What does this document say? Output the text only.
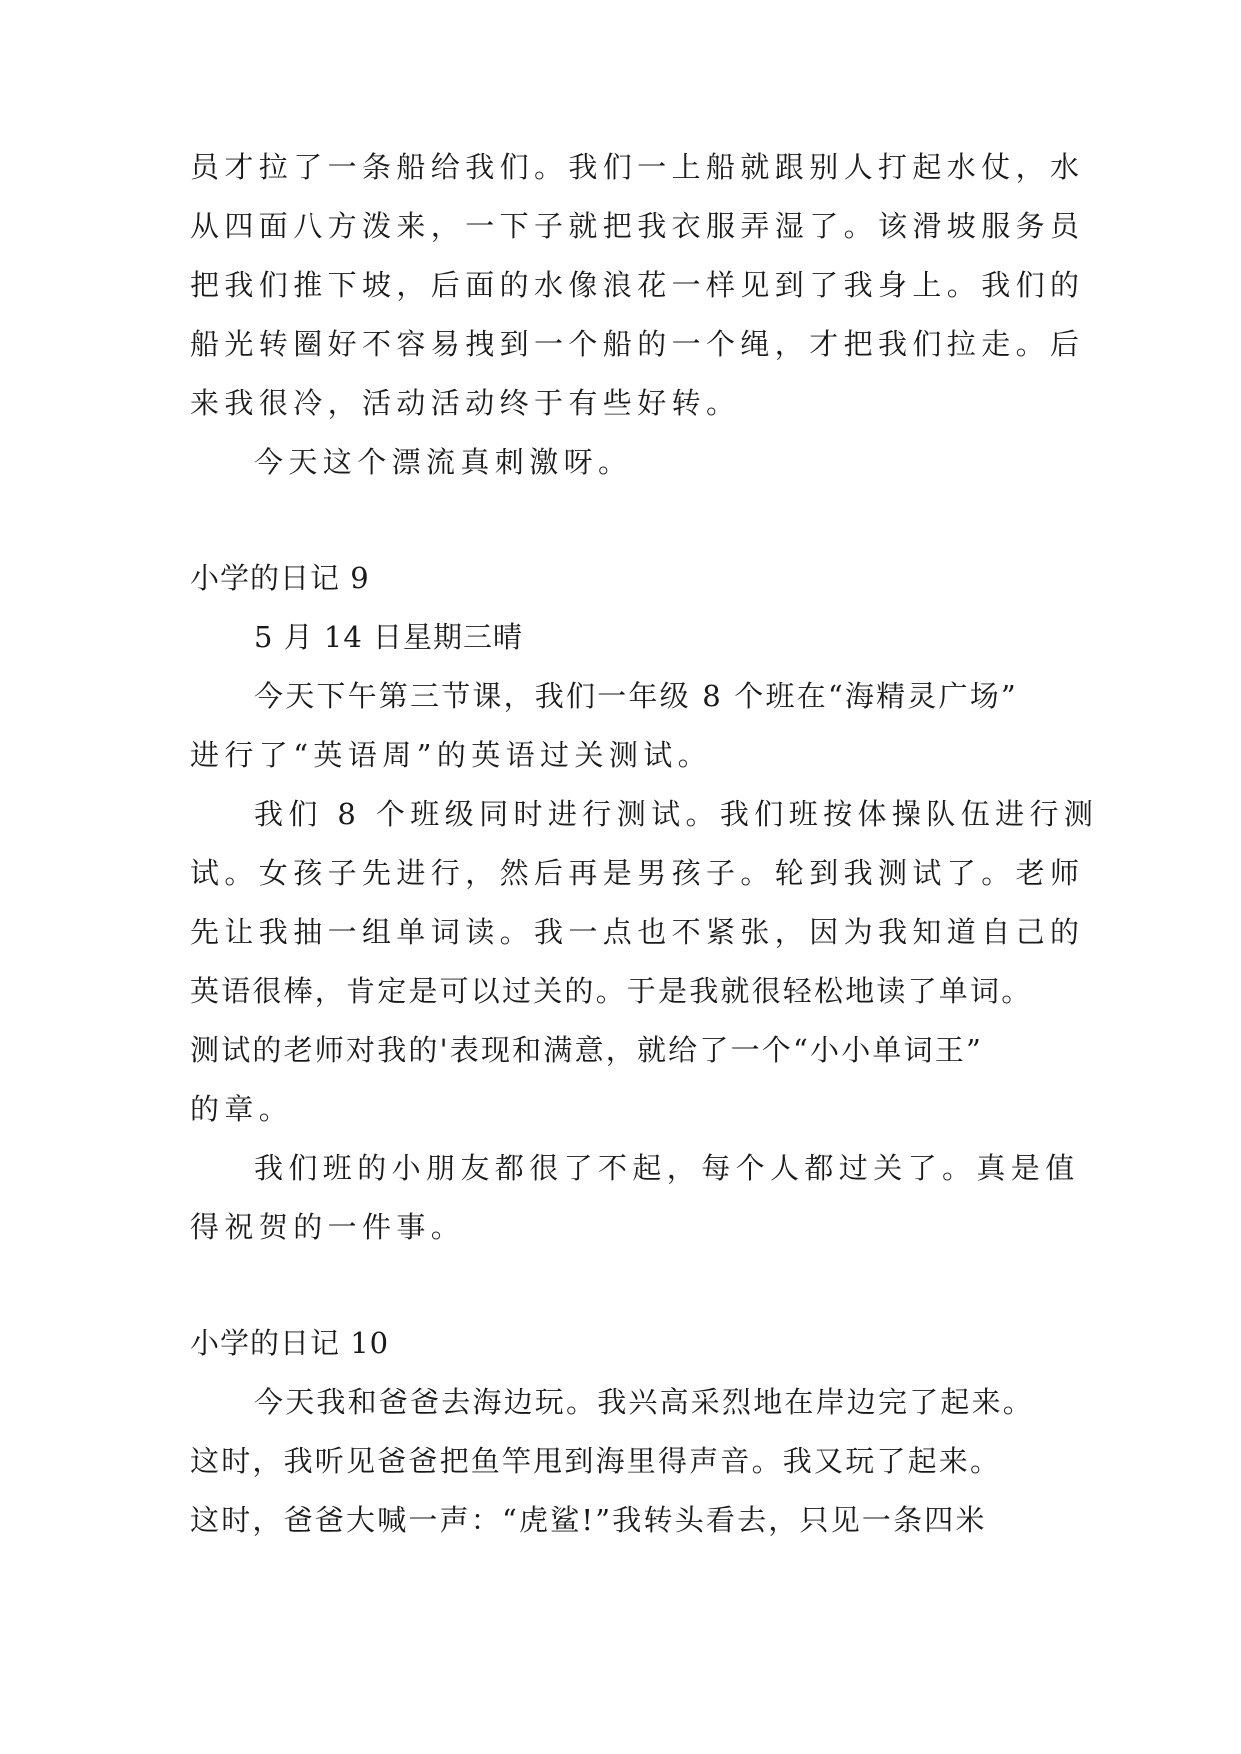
员才拉了一条船给我们。我们一上船就跟别人打起水仗，水
从四面八方泼来，一下子就把我衣服弄湿了。该滑坡服务员
把我们推下坡，后面的水像浪花一样见到了我身上。我们的
船光转圈好不容易拽到一个船的一个绳，才把我们拉走。后
来我很冷，活动活动终于有些好转。
今天这个漂流真刺激呀。
小学的日记 9
5 月 14 日星期三晴
今天下午第三节课，我们一年级 8 个班在“海精灵广场”
进行了“英语周”的英语过关测试。
我们 8 个班级同时进行测试。我们班按体操队伍进行测
试。女孩子先进行，然后再是男孩子。轮到我测试了。老师
先让我抽一组单词读。我一点也不紧张，因为我知道自己的
英语很棒，肯定是可以过关的。于是我就很轻松地读了单词。
测试的老师对我的'表现和满意，就给了一个“小小单词王”
的章。
我们班的小朋友都很了不起，每个人都过关了。真是值
得祝贺的一件事。
小学的日记 10
今天我和爸爸去海边玩。我兴高采烈地在岸边完了起来。
这时，我听见爸爸把鱼竿甩到海里得声音。我又玩了起来。
这时，爸爸大喊一声：“虎鲨!”我转头看去，只见一条四米
